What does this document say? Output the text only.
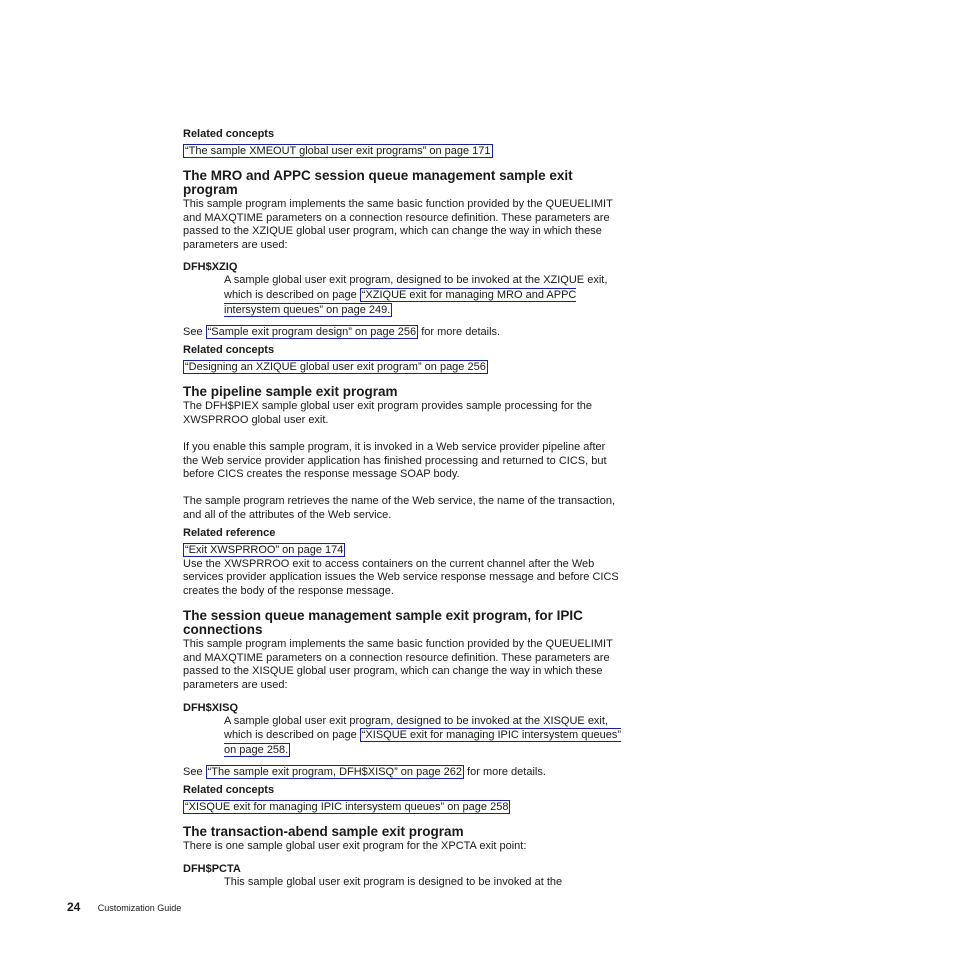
Related concepts
“The sample XMEOUT global user exit programs” on page 171
The MRO and APPC session queue management sample exit
program

This sample program implements the same basic function provided by the QUEUELIMIT and MAXQTIME parameters on a connection resource definition. These parameters are passed to the XZIQUE global user program, which can change the way in which these parameters are used:

DFH$XZIQ
A sample global user exit program, designed to be invoked at the XZIQUE exit, which is described on page “XZIQUE exit for managing MRO and APPC intersystem queues” on page 249.

See “Sample exit program design” on page 256 for more details.

Related concepts
“Designing an XZIQUE global user exit program” on page 256
The pipeline sample exit program

The DFH$PIEX sample global user exit program provides sample processing for the XWSPRROO global user exit.

If you enable this sample program, it is invoked in a Web service provider pipeline after the Web service provider application has finished processing and returned to CICS, but before CICS creates the response message SOAP body.

The sample program retrieves the name of the Web service, the name of the transaction, and all of the attributes of the Web service.

Related reference
“Exit XWSPRROO” on page 174

Use the XWSPRROO exit to access containers on the current channel after the Web services provider application issues the Web service response message and before CICS creates the body of the response message.

The session queue management sample exit program, for IPIC
connections

This sample program implements the same basic function provided by the QUEUELIMIT and MAXQTIME parameters on a connection resource definition. These parameters are passed to the XISQUE global user program, which can change the way in which these parameters are used:

DFH$XISQ
A sample global user exit program, designed to be invoked at the XISQUE exit, which is described on page “XISQUE exit for managing IPIC intersystem queues” on page 258.

See “The sample exit program, DFH$XISQ” on page 262 for more details.

Related concepts
“XISQUE exit for managing IPIC intersystem queues” on page 258
The transaction-abend sample exit program

There is one sample global user exit program for the XPCTA exit point:

DFH$PCTA
This sample global user exit program is designed to be invoked at the
24 Customization Guide
